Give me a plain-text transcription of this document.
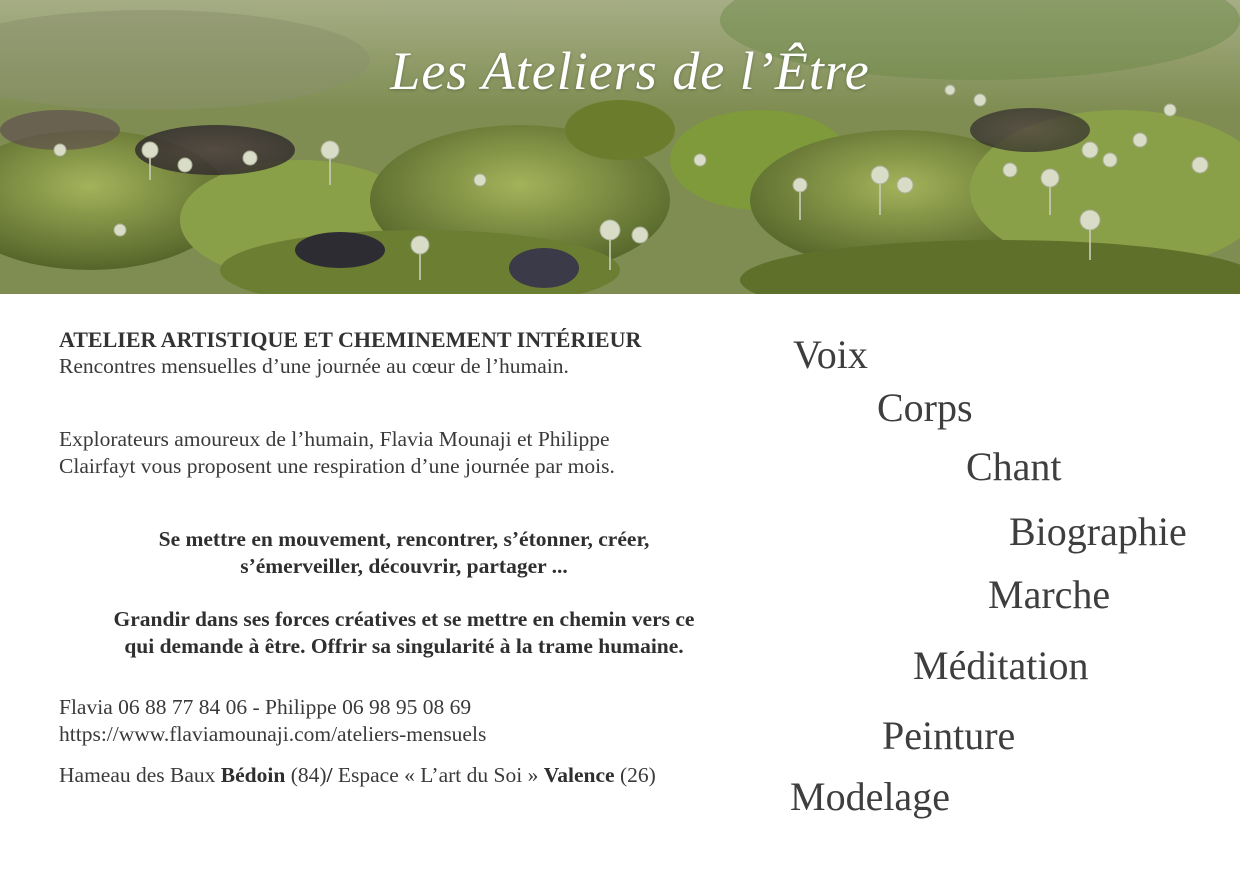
Les Ateliers de l’Être

ATELIER ARTISTIQUE ET CHEMINEMENT INTÉRIEUR

Rencontres mensuelles d’une journée au cœur de l’humain.

Explorateurs amoureux de l’humain, Flavia Mounaji et Philippe

Clairfayt vous proposent une respiration d’une journée par mois.

Se mettre en mouvement, rencontrer, s’étonner, créer,

s’émerveiller, découvrir, partager ...

Grandir dans ses forces créatives et se mettre en chemin vers ce

qui demande à être. Offrir sa singularité à la trame humaine.

Flavia 06 88 77 84 06 - Philippe 06 98 95 08 69

https://www.flaviamounaji.com/ateliers-mensuels

Hameau des Baux Bédoin (84)/ Espace « L’art du Soi » Valence (26)

Voix
Corps
Chant
Biographie
Marche
Méditation
Peinture
Modelage
